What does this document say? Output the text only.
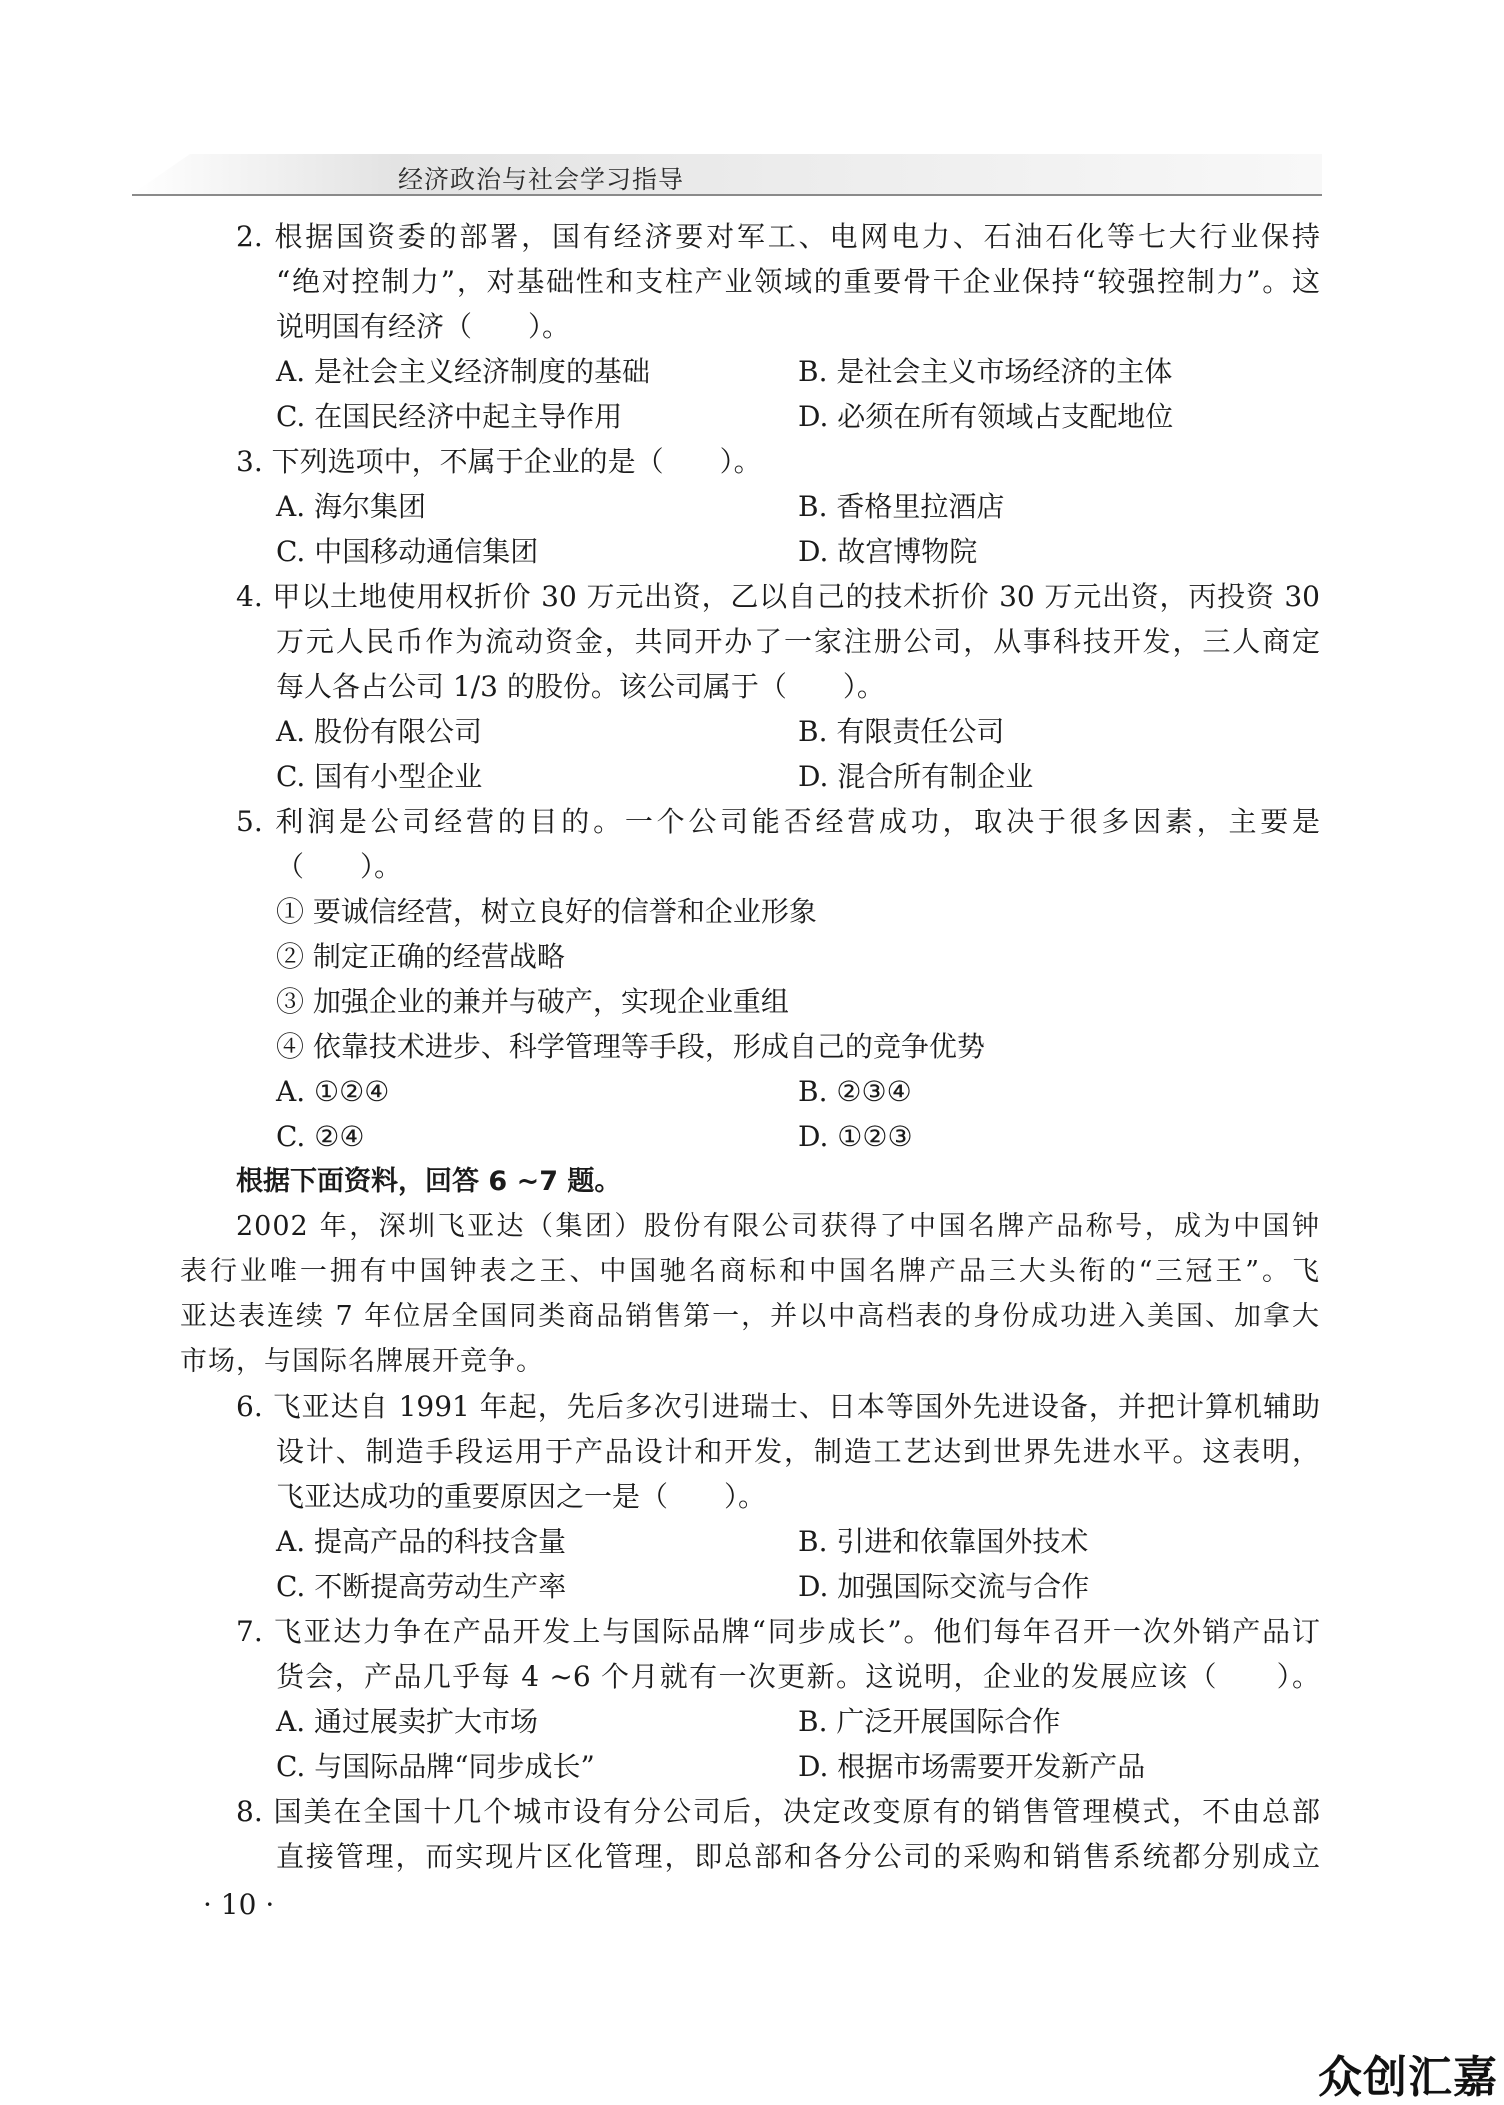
经济政治与社会学习指导
2. 根据国资委的部署，国有经济要对军工、电网电力、石油石化等七大行业保持
“绝对控制力”，对基础性和支柱产业领域的重要骨干企业保持“较强控制力”。这
说明国有经济（　　）。
A. 是社会主义经济制度的基础	B. 是社会主义市场经济的主体
C. 在国民经济中起主导作用	D. 必须在所有领域占支配地位
3. 下列选项中，不属于企业的是（　　）。
A. 海尔集团	B. 香格里拉酒店
C. 中国移动通信集团	D. 故宫博物院
4. 甲以土地使用权折价 30 万元出资，乙以自己的技术折价 30 万元出资，丙投资 30
万元人民币作为流动资金，共同开办了一家注册公司，从事科技开发，三人商定
每人各占公司 1/3 的股份。该公司属于（　　）。
A. 股份有限公司	B. 有限责任公司
C. 国有小型企业	D. 混合所有制企业
5. 利润是公司经营的目的。一个公司能否经营成功，取决于很多因素，主要是
（　　）。
① 要诚信经营，树立良好的信誉和企业形象
② 制定正确的经营战略
③ 加强企业的兼并与破产，实现企业重组
④ 依靠技术进步、科学管理等手段，形成自己的竞争优势
A. ①②④	B. ②③④
C. ②④	D. ①②③
根据下面资料，回答 6 ~7 题。
2002 年，深圳飞亚达（集团）股份有限公司获得了中国名牌产品称号，成为中国钟
表行业唯一拥有中国钟表之王、中国驰名商标和中国名牌产品三大头衔的“三冠王”。飞
亚达表连续 7 年位居全国同类商品销售第一，并以中高档表的身份成功进入美国、加拿大
市场，与国际名牌展开竞争。
6. 飞亚达自 1991 年起，先后多次引进瑞士、日本等国外先进设备，并把计算机辅助
设计、制造手段运用于产品设计和开发，制造工艺达到世界先进水平。这表明，
飞亚达成功的重要原因之一是（　　）。
A. 提高产品的科技含量	B. 引进和依靠国外技术
C. 不断提高劳动生产率	D. 加强国际交流与合作
7. 飞亚达力争在产品开发上与国际品牌“同步成长”。他们每年召开一次外销产品订
货会，产品几乎每 4 ~6 个月就有一次更新。这说明，企业的发展应该（　　）。
A. 通过展卖扩大市场	B. 广泛开展国际合作
C. 与国际品牌“同步成长”	D. 根据市场需要开发新产品
8. 国美在全国十几个城市设有分公司后，决定改变原有的销售管理模式，不由总部
直接管理，而实现片区化管理，即总部和各分公司的采购和销售系统都分别成立
· 10 ·
众创汇嘉
